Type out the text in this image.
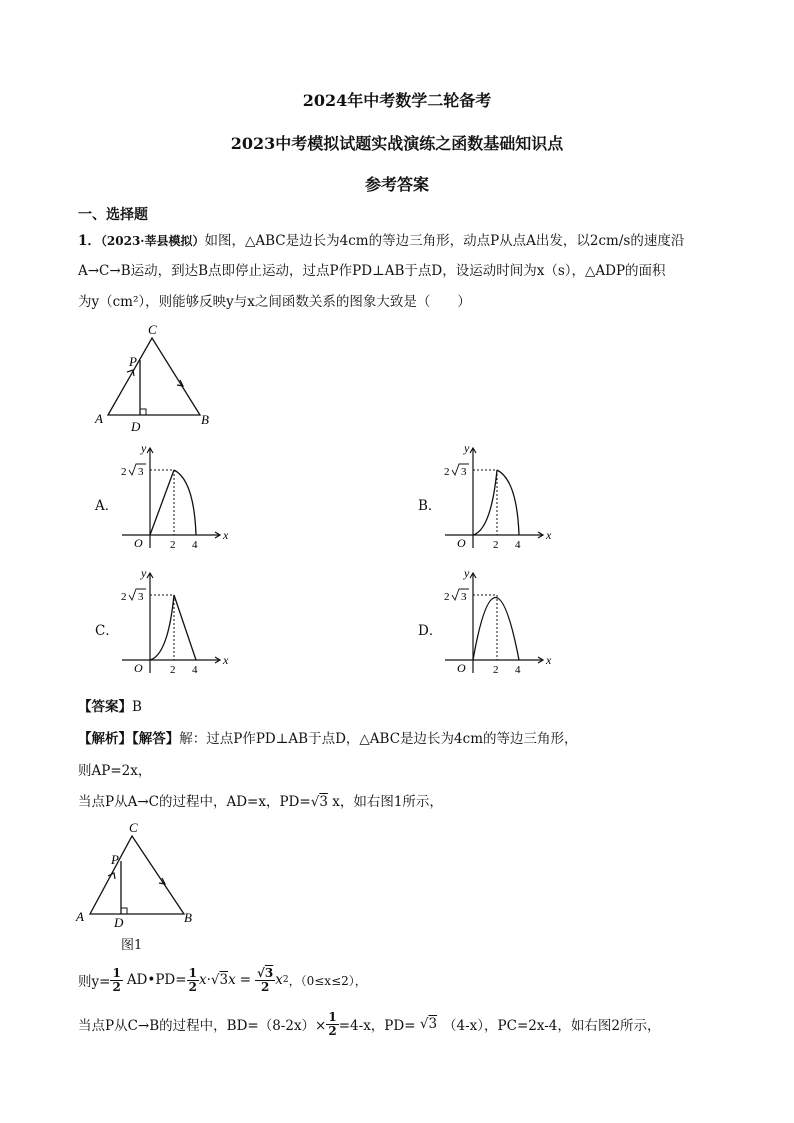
2024年中考数学二轮备考
2023中考模拟试题实战演练之函数基础知识点
参考答案
一、选择题
1．（2023·莘县模拟）如图，△ABC是边长为4cm的等边三角形，动点P从点A出发，以2cm/s的速度沿
A→C→B运动，到达B点即停止运动，过点P作PD⊥AB于点D，设运动时间为x（s），△ADP的面积
为y（cm²），则能够反映y与x之间函数关系的图象大致是（　　）
C
P
A	B
D
A．	B．
C．	D．
y
x
O 2 4
2 3
y
x
O 2 4
2 3
y
x
O 2 4
2 3
y
x
O 2 4
2 3
【答案】B
【解析】【解答】解：过点P作PD⊥AB于点D，△ABC是边长为4cm的等边三角形，
则AP=2x，
当点P从A→C的过程中，AD=x，PD=√3 x，如右图1所示，
C
P
A	B
D
图1
则$y= \frac{1}{2}$ AD•PD= $\frac{1}{2}$ x · √ 3 $x = \frac{√3}{2}$ x 2 ，（0≤x≤2），
当点P从C→B的过程中，$BD=(8-2x)\times \frac{1}{2} =4-x$，PD= √ 3 （4-x），PC=2x-4，如右图2所示，
